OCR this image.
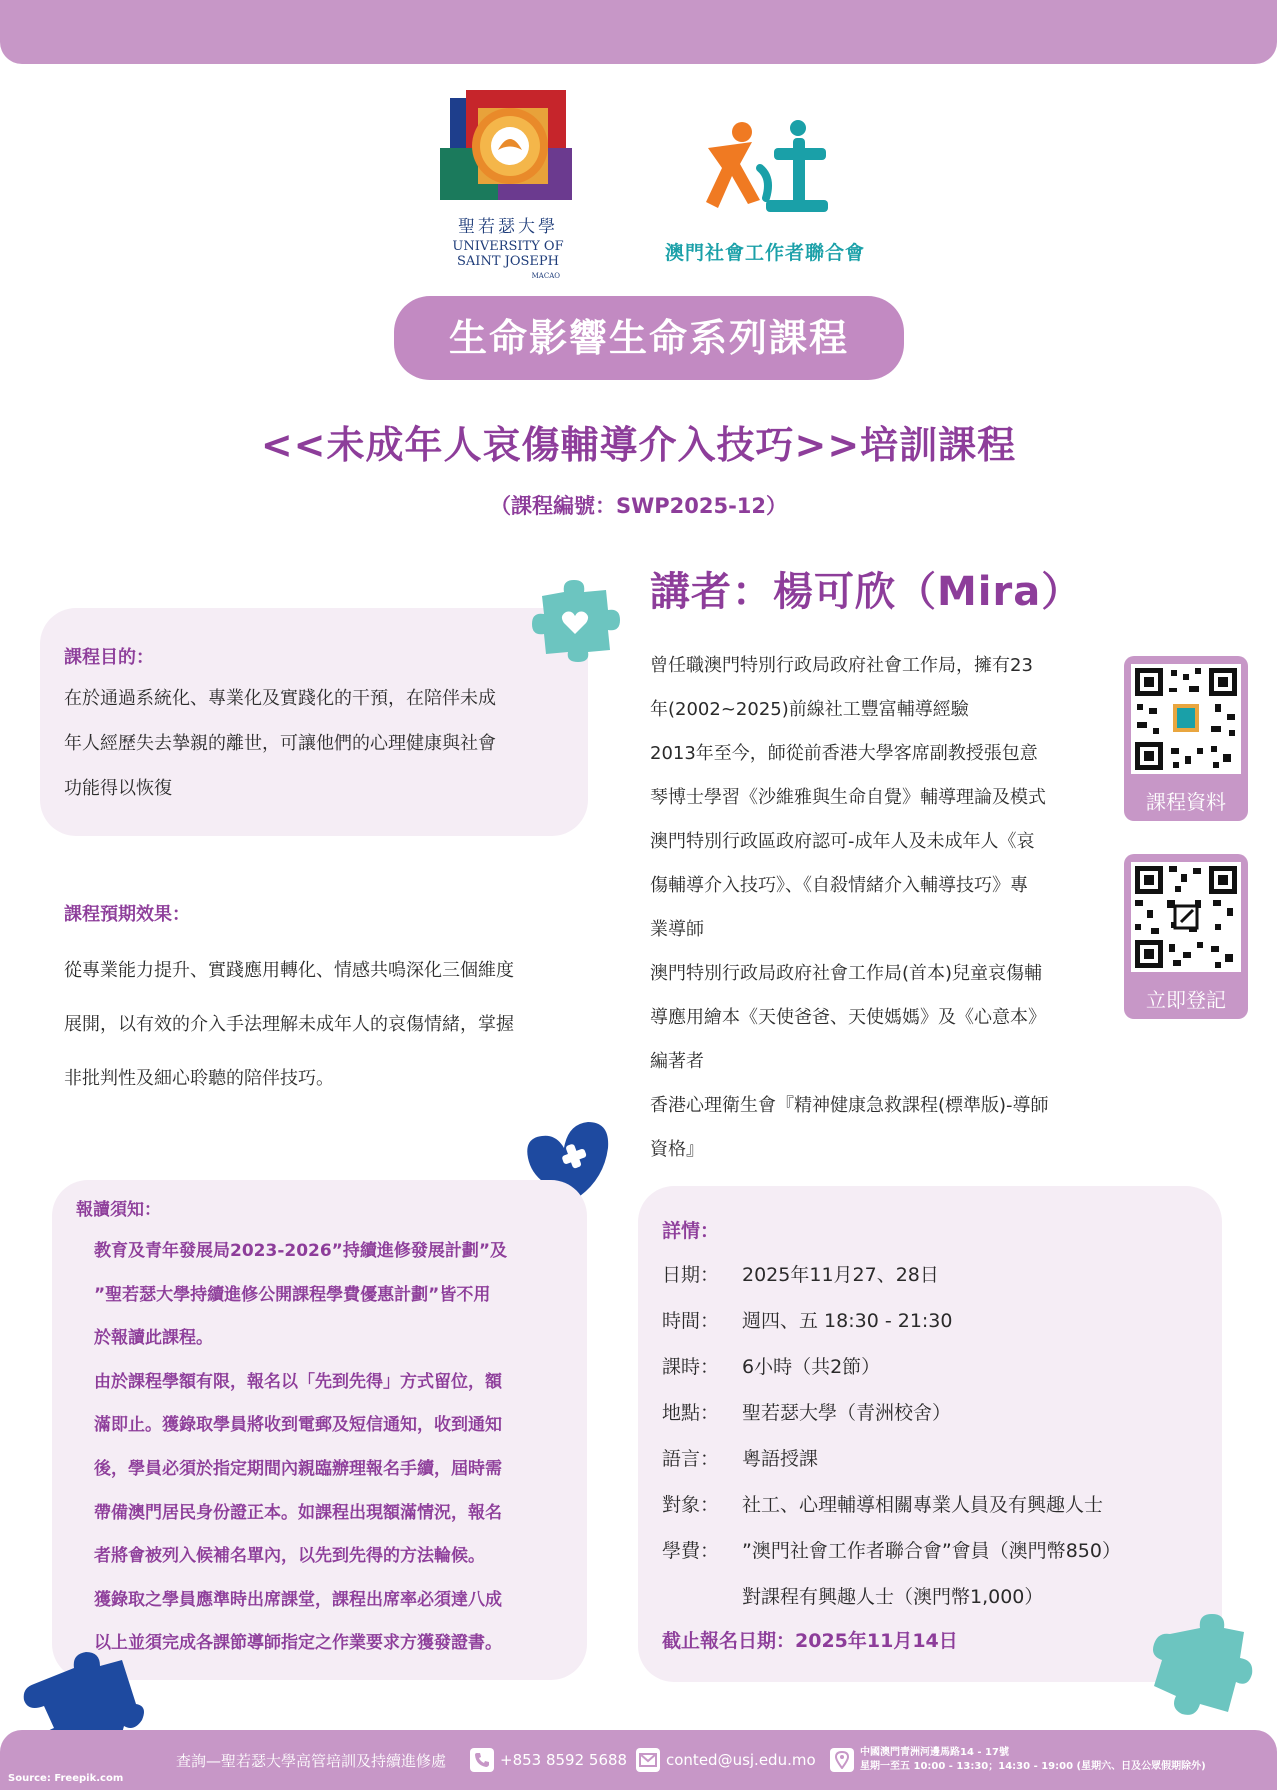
聖若瑟大學
UNIVERSITY OF
SAINT JOSEPH
MACAO
澳門社會工作者聯合會
生命影響生命系列課程
<<未成年人哀傷輔導介入技巧>>培訓課程
（課程編號：SWP2025-12）
課程目的：
在於通過系統化、專業化及實踐化的干預，在陪伴未成
年人經歷失去摯親的離世，可讓他們的心理健康與社會
功能得以恢復
課程預期效果：
從專業能力提升、實踐應用轉化、情感共鳴深化三個維度
展開，以有效的介入手法理解未成年人的哀傷情緒，掌握
非批判性及細心聆聽的陪伴技巧。
報讀須知：

教育及青年發展局2023-2026”持續進修發展計劃”及

”聖若瑟大學持續進修公開課程學費優惠計劃”皆不用

於報讀此課程。

由於課程學額有限，報名以「先到先得」方式留位，額

滿即止。獲錄取學員將收到電郵及短信通知，收到通知

後，學員必須於指定期間內親臨辦理報名手續，屆時需

帶備澳門居民身份證正本。如課程出現額滿情況，報名

者將會被列入候補名單內，以先到先得的方法輪候。

獲錄取之學員應準時出席課堂，課程出席率必須達八成

以上並須完成各課節導師指定之作業要求方獲發證書。

講者：楊可欣（Mira）

曾任職澳門特別行政局政府社會工作局，擁有23

年(2002~2025)前線社工豐富輔導經驗

2013年至今，師從前香港大學客席副教授張包意

琴博士學習《沙維雅與生命自覺》輔導理論及模式

澳門特別行政區政府認可-成年人及未成年人《哀

傷輔導介入技巧》、《自殺情緒介入輔導技巧》專

業導師

澳門特別行政局政府社會工作局(首本)兒童哀傷輔

導應用繪本《天使爸爸、天使媽媽》及《心意本》

編著者

香港心理衛生會『精神健康急救課程(標準版)-導師

資格』

課程資料
立即登記
詳情：
日期： 2025年11月27、28日
時間： 週四、五 18:30 - 21:30
課時： 6小時（共2節）
地點： 聖若瑟大學（青洲校舍）
語言： 粵語授課
對象： 社工、心理輔導相關專業人員及有興趣人士
學費： ”澳門社會工作者聯合會”會員（澳門幣850）
對課程有興趣人士（澳門幣1,000）
截止報名日期：2025年11月14日
查詢—聖若瑟大學高管培訓及持續進修處	+853 8592 5688	conted@usj.edu.mo	中國澳門青洲河邊馬路14 - 17號
星期一至五 10:00 - 13:30；14:30 - 19:00 (星期六、日及公眾假期除外)
Source: Freepik.com
